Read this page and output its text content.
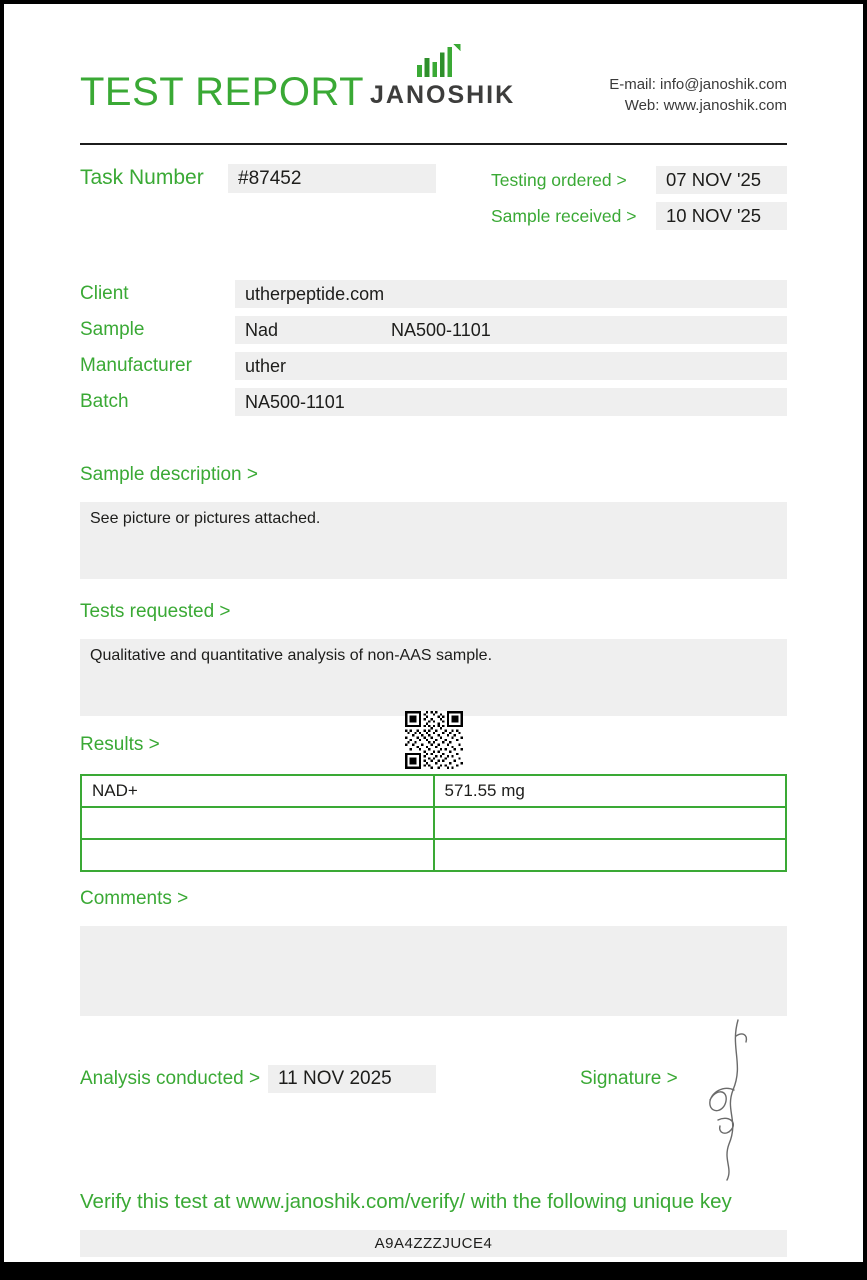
TEST REPORT JANOSHIK	E-mail: info@janoshik.com
Web: www.janoshik.com
Task Number	#87452	Testing ordered >	07 NOV '25
Sample received >	10 NOV '25
Client	utherpeptide.com
Sample	Nad	NA500-1101
Manufacturer	uther
Batch	NA500-1101
Sample description >
See picture or pictures attached.
Tests requested >
Qualitative and quantitative analysis of non-AAS sample.
Results >
NAD+	571.55 mg

Comments >
Analysis conducted > 11 NOV 2025	Signature >
Verify this test at www.janoshik.com/verify/ with the following unique key
A9A4ZZZJUCE4
